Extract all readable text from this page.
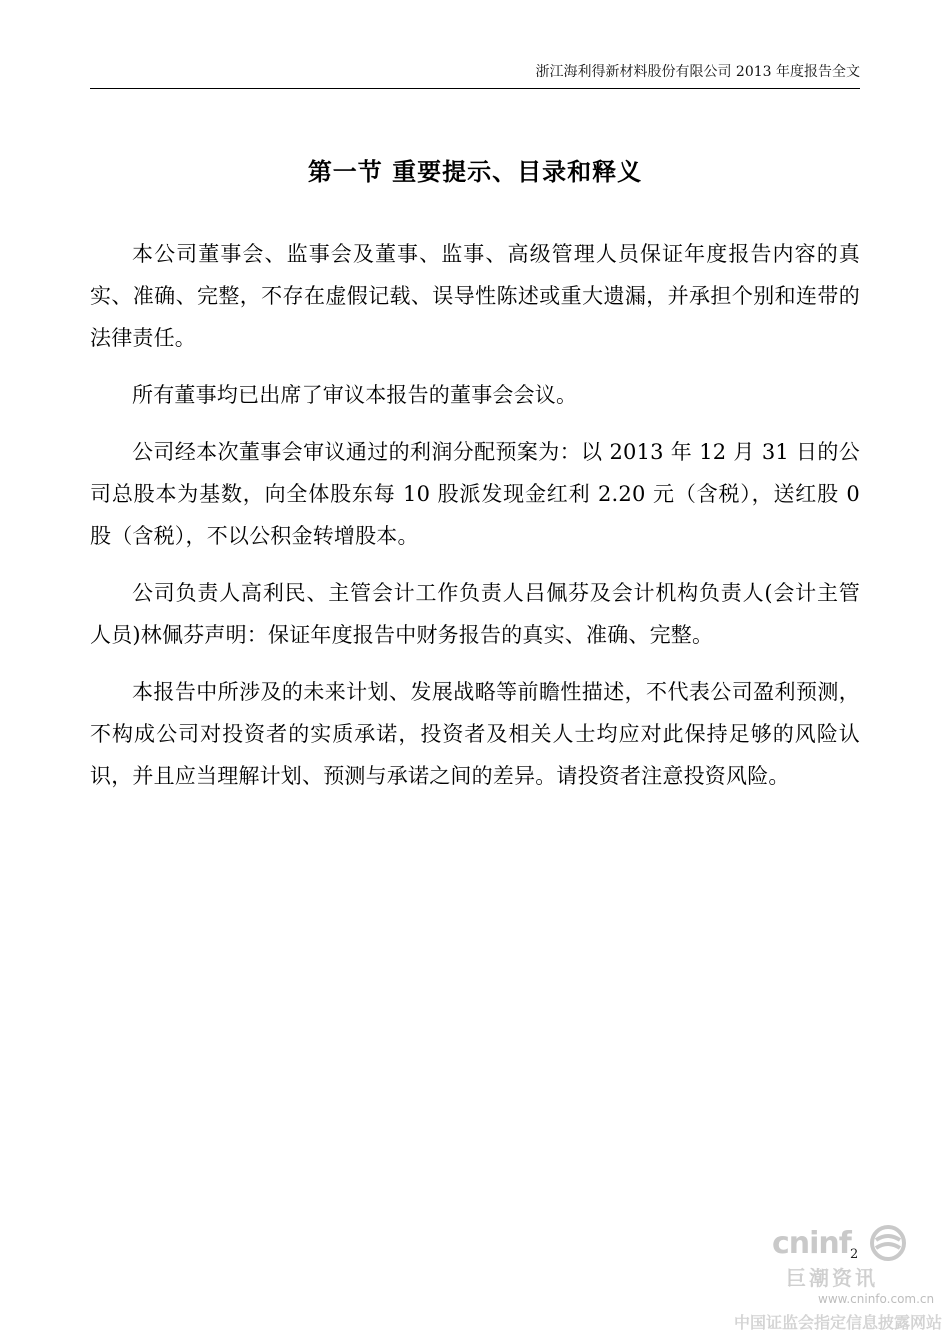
浙江海利得新材料股份有限公司 2013 年度报告全文
第一节 重要提示、目录和释义

本公司董事会、监事会及董事、监事、高级管理人员保证年度报告内容的真实、准确、完整，不存在虚假记载、误导性陈述或重大遗漏，并承担个别和连带的法律责任。

所有董事均已出席了审议本报告的董事会会议。

公司经本次董事会审议通过的利润分配预案为：以 2013 年 12 月 31 日的公司总股本为基数，向全体股东每 10 股派发现金红利 2.20 元（含税），送红股 0 股（含税），不以公积金转增股本。

公司负责人高利民、主管会计工作负责人吕佩芬及会计机构负责人(会计主管人员)林佩芬声明：保证年度报告中财务报告的真实、准确、完整。

本报告中所涉及的未来计划、发展战略等前瞻性描述，不代表公司盈利预测，不构成公司对投资者的实质承诺，投资者及相关人士均应对此保持足够的风险认识，并且应当理解计划、预测与承诺之间的差异。请投资者注意投资风险。

2
cninf
巨潮资讯
www.cninfo.com.cn
中国证监会指定信息披露网站
